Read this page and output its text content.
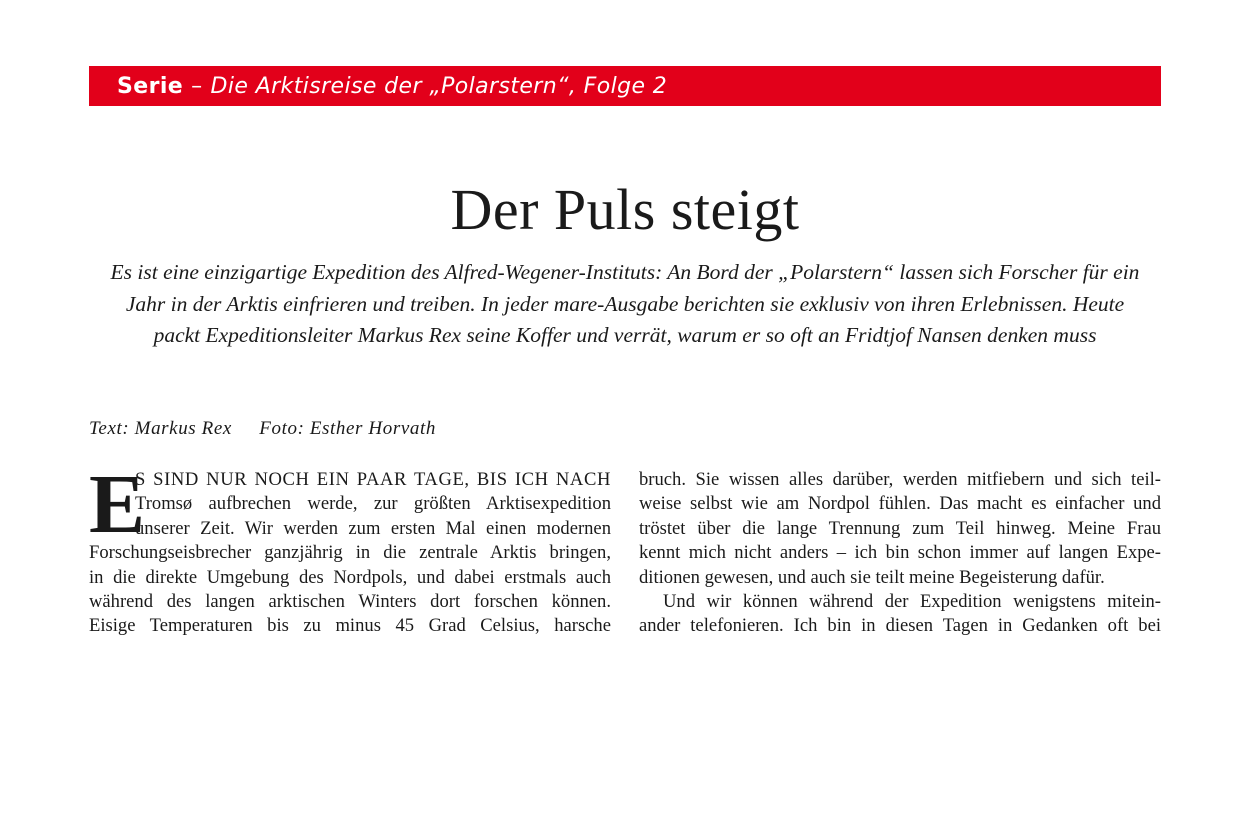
Serie – Die Arktisreise der „Polarstern“, Folge 2
Der Puls steigt

Es ist eine einzigartige Expedition des Alfred-Wegener-Instituts: An Bord der „Polarstern“ lassen sich Forscher für ein
Jahr in der Arktis einfrieren und treiben. In jeder mare-Ausgabe berichten sie exklusiv von ihren Erlebnissen. Heute
packt Expeditionsleiter Markus Rex seine Koffer und verrät, warum er so oft an Fridtjof Nansen denken muss

Text: Markus Rex Foto: Esther Horvath
E
S SIND NUR NOCH EIN PAAR TAGE, BIS ICH NACH
Tromsø aufbrechen werde, zur größten Arktisexpedition
unserer Zeit. Wir werden zum ersten Mal einen modernen
Forschungseisbrecher ganzjährig in die zentrale Arktis bringen,
in die direkte Umgebung des Nordpols, und dabei erstmals auch
während des langen arktischen Winters dort forschen können.
Eisige Temperaturen bis zu minus 45 Grad Celsius, harsche
bruch. Sie wissen alles darüber, werden mitfiebern und sich teil-
weise selbst wie am Nordpol fühlen. Das macht es einfacher und
tröstet über die lange Trennung zum Teil hinweg. Meine Frau
kennt mich nicht anders – ich bin schon immer auf langen Expe-
ditionen gewesen, und auch sie teilt meine Begeisterung dafür.
Und wir können während der Expedition wenigstens mitein-
ander telefonieren. Ich bin in diesen Tagen in Gedanken oft bei
